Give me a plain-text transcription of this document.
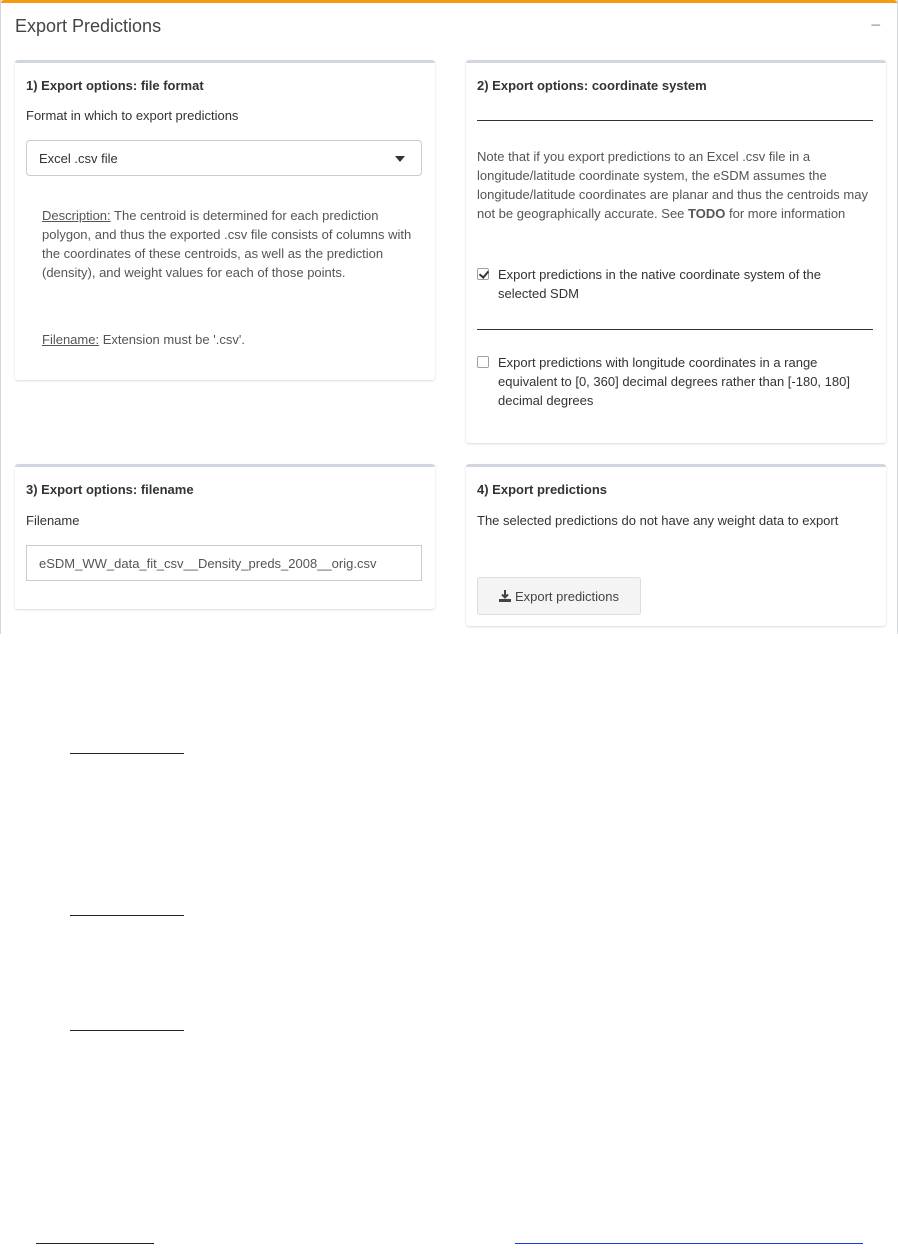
Export Predictions	−
1) Export options: file format
Format in which to export predictions
Excel .csv file
Description: The centroid is determined for each prediction polygon, and thus the exported .csv file consists of columns with the coordinates of these centroids, as well as the prediction (density), and weight values for each of those points.
Filename: Extension must be '.csv'.
2) Export options: coordinate system
Note that if you export predictions to an Excel .csv file in a longitude/latitude coordinate system, the eSDM assumes the longitude/latitude coordinates are planar and thus the centroids may not be geographically accurate. See TODO for more information
Export predictions in the native coordinate system of the selected SDM
Export predictions with longitude coordinates in a range equivalent to [0, 360] decimal degrees rather than [-180, 180] decimal degrees
3) Export options: filename
Filename
eSDM_WW_data_fit_csv__Density_preds_2008__orig.csv
4) Export predictions
The selected predictions do not have any weight data to export
Export predictions
